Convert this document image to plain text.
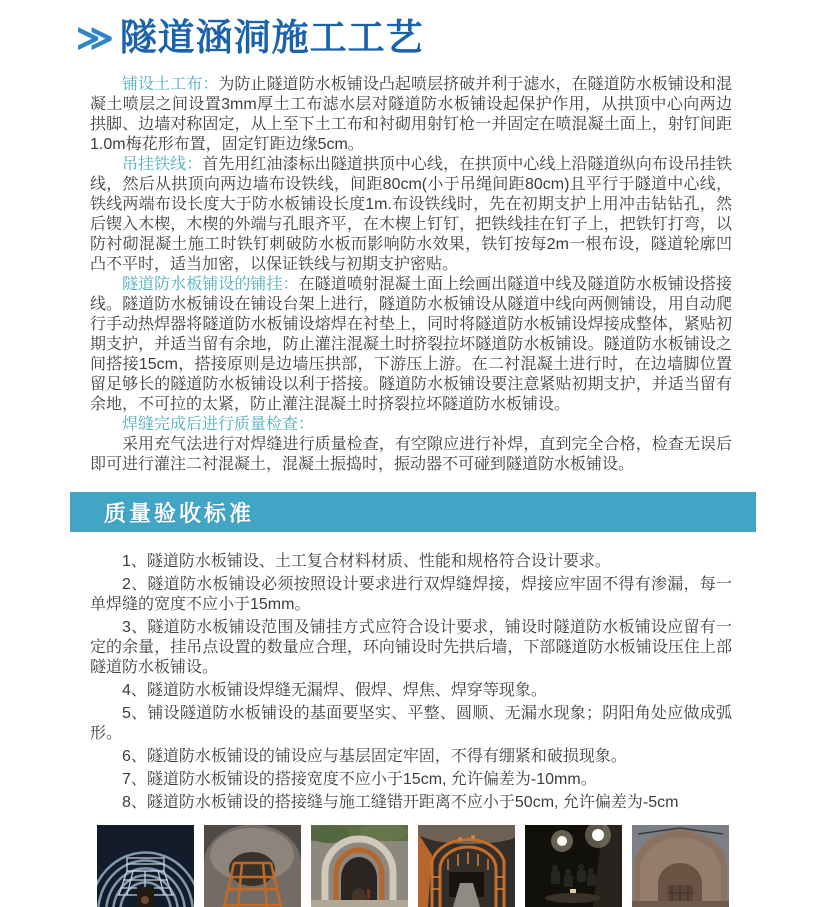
≫ 隧道涵洞施工工艺

铺设土工布：为防止隧道防水板铺设凸起喷层挤破并利于滤水，在隧道防水板铺设和混凝土喷层之间设置3mm厚土工布滤水层对隧道防水板铺设起保护作用，从拱顶中心向两边拱脚、边墙对称固定，从上至下土工布和衬砌用射钉枪一并固定在喷混凝土面上，射钉间距1.0m梅花形布置，固定钉距边缘5cm。

吊挂铁线：首先用红油漆标出隧道拱顶中心线，在拱顶中心线上沿隧道纵向布设吊挂铁线，然后从拱顶向两边墙布设铁线，间距80cm(小于吊绳间距80cm)且平行于隧道中心线，铁线两端布设长度大于防水板铺设长度1m.布设铁线时，先在初期支护上用冲击钻钻孔，然后锲入木楔，木楔的外端与孔眼齐平，在木楔上钉钉，把铁线挂在钉子上，把铁钉打弯，以防衬砌混凝土施工时铁钉刺破防水板而影响防水效果，铁钉按每2m一根布设，隧道轮廓凹凸不平时，适当加密，以保证铁线与初期支护密贴。

隧道防水板铺设的铺挂：在隧道喷射混凝土面上绘画出隧道中线及隧道防水板铺设搭接线。隧道防水板铺设在铺设台架上进行，隧道防水板铺设从隧道中线向两侧铺设，用自动爬行手动热焊器将隧道防水板铺设熔焊在衬垫上，同时将隧道防水板铺设焊接成整体，紧贴初期支护，并适当留有余地，防止灌注混凝土时挤裂拉坏隧道防水板铺设。隧道防水板铺设之间搭接15cm，搭接原则是边墙压拱部，下游压上游。在二衬混凝土进行时，在边墙脚位置留足够长的隧道防水板铺设以利于搭接。隧道防水板铺设要注意紧贴初期支护，并适当留有余地，不可拉的太紧，防止灌注混凝土时挤裂拉坏隧道防水板铺设。

焊缝完成后进行质量检查：

采用充气法进行对焊缝进行质量检查，有空隙应进行补焊，直到完全合格，检查无误后即可进行灌注二衬混凝土，混凝土振捣时，振动器不可碰到隧道防水板铺设。

质量验收标准

1、隧道防水板铺设、土工复合材料材质、性能和规格符合设计要求。

2、隧道防水板铺设必须按照设计要求进行双焊缝焊接，焊接应牢固不得有渗漏，每一单焊缝的宽度不应小于15mm。

3、隧道防水板铺设范围及铺挂方式应符合设计要求，铺设时隧道防水板铺设应留有一定的余量，挂吊点设置的数量应合理，环向铺设时先拱后墙，下部隧道防水板铺设压住上部隧道防水板铺设。

4、隧道防水板铺设焊缝无漏焊、假焊、焊焦、焊穿等现象。

5、铺设隧道防水板铺设的基面要坚实、平整、圆顺、无漏水现象；阴阳角处应做成弧形。

6、隧道防水板铺设的铺设应与基层固定牢固，不得有绷紧和破损现象。

7、隧道防水板铺设的搭接宽度不应小于15cm, 允许偏差为-10mm。

8、隧道防水板铺设的搭接缝与施工缝错开距离不应小于50cm, 允许偏差为-5cm
